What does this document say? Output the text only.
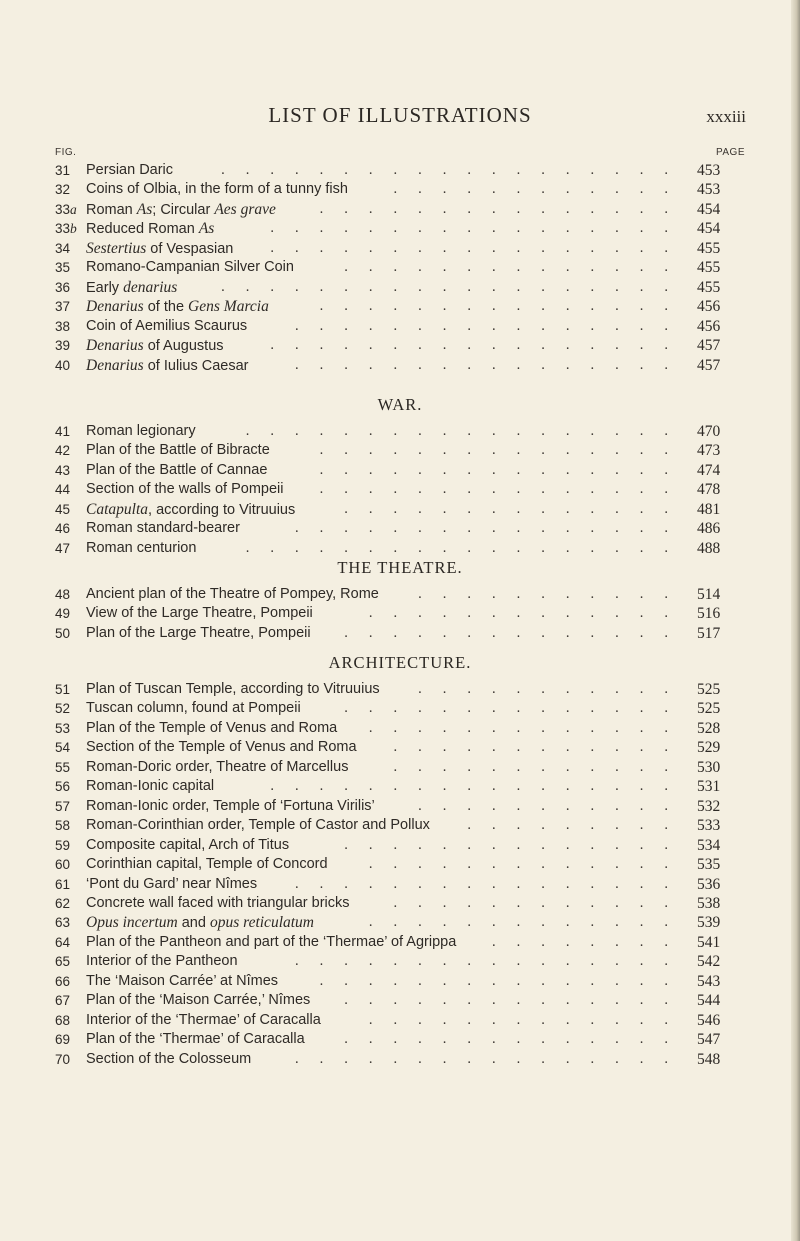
LIST OF ILLUSTRATIONS	xxxiii
FIG.	PAGE
31 Persian Daric	453
...................
32 Coins of Olbia, in the form of a tunny fish	453
............
33a Roman As; Circular Aes grave	454
...............
33b Reduced Roman As	454
.................
34 Sestertius of Vespasian	455
.................
35 Romano-Campanian Silver Coin	455
..............
36 Early denarius	455
...................
37 Denarius of the Gens Marcia	456
...............
38 Coin of Aemilius Scaurus	456
................
39 Denarius of Augustus	457
.................
40 Denarius of Iulius Caesar	457
................
WAR.
41 Roman legionary	470
..................
42 Plan of the Battle of Bibracte	473
...............
43 Plan of the Battle of Cannae	474
...............
44 Section of the walls of Pompeii	478
...............
45 Catapulta, according to Vitruuius	481
..............
46 Roman standard-bearer	486
................
47 Roman centurion	488
..................
THE THEATRE.
48 Ancient plan of the Theatre of Pompey, Rome	514
...........
49 View of the Large Theatre, Pompeii	516
.............
50 Plan of the Large Theatre, Pompeii	517
..............
ARCHITECTURE.
51 Plan of Tuscan Temple, according to Vitruuius	525
...........
52 Tuscan column, found at Pompeii	525
..............
53 Plan of the Temple of Venus and Roma	528
.............
54 Section of the Temple of Venus and Roma	529
............
55 Roman-Doric order, Theatre of Marcellus	530
............
56 Roman-Ionic capital	531
.................
57 Roman-Ionic order, Temple of ‘Fortuna Virilis’	532
...........
58 Roman-Corinthian order, Temple of Castor and Pollux	533
.........
59 Composite capital, Arch of Titus	534
..............
60 Corinthian capital, Temple of Concord	535
.............
61 ‘Pont du Gard’ near Nîmes	536
................
62 Concrete wall faced with triangular bricks	538
............
63 Opus incertum and opus reticulatum	539
.............
64 Plan of the Pantheon and part of the ‘Thermae’ of Agrippa	541
........
65 Interior of the Pantheon	542
................
66 The ‘Maison Carrée’ at Nîmes	543
...............
67 Plan of the ‘Maison Carrée,’ Nîmes	544
..............
68 Interior of the ‘Thermae’ of Caracalla	546
.............
69 Plan of the ‘Thermae’ of Caracalla	547
..............
70 Section of the Colosseum	548
................
